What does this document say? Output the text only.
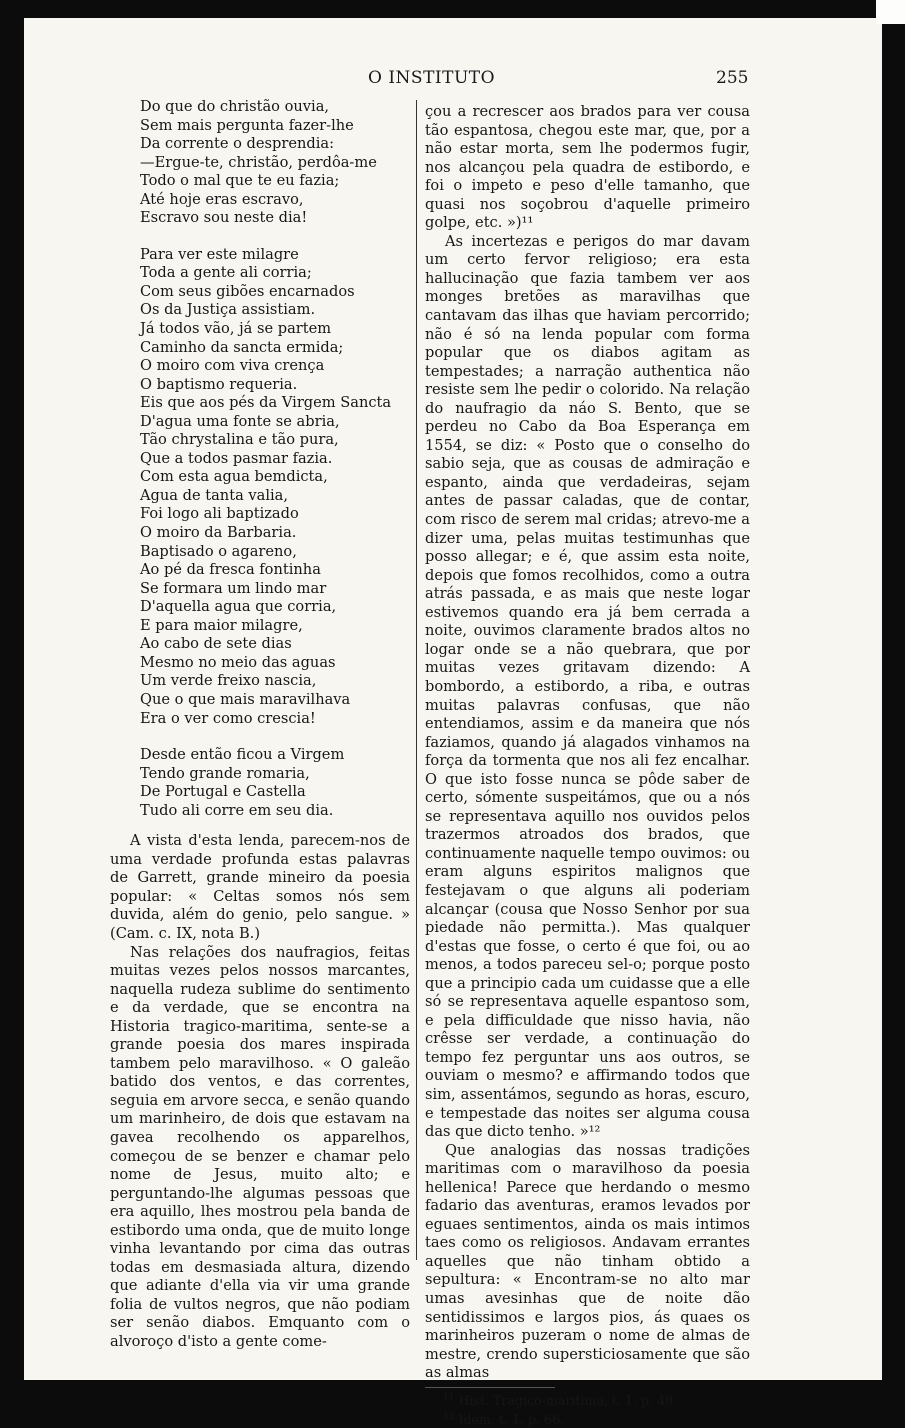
O INSTITUTO	255
Do que do christão ouvia,
Sem mais pergunta fazer-lhe
Da corrente o desprendia:
—Ergue-te, christão, perdôa-me
Todo o mal que te eu fazia;
Até hoje eras escravo,
Escravo sou neste dia!
Para ver este milagre
Toda a gente ali corria;
Com seus gibões encarnados
Os da Justiça assistiam.
Já todos vão, já se partem
Caminho da sancta ermida;
O moiro com viva crença
O baptismo requeria.
Eis que aos pés da Virgem Sancta
D'agua uma fonte se abria,
Tão chrystalina e tão pura,
Que a todos pasmar fazia.
Com esta agua bemdicta,
Agua de tanta valia,
Foi logo ali baptizado
O moiro da Barbaria.
Baptisado o agareno,
Ao pé da fresca fontinha
Se formara um lindo mar
D'aquella agua que corria,
E para maior milagre,
Ao cabo de sete dias
Mesmo no meio das aguas
Um verde freixo nascia,
Que o que mais maravilhava
Era o ver como crescia!
Desde então ficou a Virgem
Tendo grande romaria,
De Portugal e Castella
Tudo ali corre em seu dia.

A vista d'esta lenda, parecem-nos de uma verdade profunda estas palavras de Garrett, grande mineiro da poesia popular: « Celtas somos nós sem duvida, além do genio, pelo sangue. » (Cam. c. IX, nota B.)

Nas relações dos naufragios, feitas muitas vezes pelos nossos marcantes, naquella rudeza sublime do sentimento e da verdade, que se encontra na Historia tragico-maritima, sente-se a grande poesia dos mares inspirada tambem pelo maravilhoso. « O galeão batido dos ventos, e das correntes, seguia em arvore secca, e senão quando um marinheiro, de dois que estavam na gavea recolhendo os apparelhos, começou de se benzer e chamar pelo nome de Jesus, muito alto; e perguntando-lhe algumas pessoas que era aquillo, lhes mostrou pela banda de estibordo uma onda, que de muito longe vinha levantando por cima das outras todas em desmasiada altura, dizendo que adiante d'ella via vir uma grande folia de vultos negros, que não podiam ser senão diabos. Emquanto com o alvoroço d'isto a gente come-

çou a recrescer aos brados para ver cousa tão espantosa, chegou este mar, que, por a não estar morta, sem lhe podermos fugir, nos alcançou pela quadra de estibordo, e foi o impeto e peso d'elle tamanho, que quasi nos soçobrou d'aquelle primeiro golpe, etc. »)¹¹

As incertezas e perigos do mar davam um certo fervor religioso; era esta hallucinação que fazia tambem ver aos monges bretões as maravilhas que cantavam das ilhas que haviam percorrido; não é só na lenda popular com forma popular que os diabos agitam as tempestades; a narração authentica não resiste sem lhe pedir o colorido. Na relação do naufragio da náo S. Bento, que se perdeu no Cabo da Boa Esperança em 1554, se diz: « Posto que o conselho do sabio seja, que as cousas de admiração e espanto, ainda que verdadeiras, sejam antes de passar caladas, que de contar, com risco de serem mal cridas; atrevo-me a dizer uma, pelas muitas testimunhas que posso allegar; e é, que assim esta noite, depois que fomos recolhidos, como a outra atrás passada, e as mais que neste logar estivemos quando era já bem cerrada a noite, ouvimos claramente brados altos no logar onde se a não quebrara, que por muitas vezes gritavam dizendo: A bombordo, a estibordo, a riba, e outras muitas palavras confusas, que não entendiamos, assim e da maneira que nós faziamos, quando já alagados vinhamos na força da tormenta que nos ali fez encalhar. O que isto fosse nunca se pôde saber de certo, sómente suspeitámos, que ou a nós se representava aquillo nos ouvidos pelos trazermos atroados dos brados, que continuamente naquelle tempo ouvimos: ou eram alguns espiritos malignos que festejavam o que alguns ali poderiam alcançar (cousa que Nosso Senhor por sua piedade não permitta.). Mas qualquer d'estas que fosse, o certo é que foi, ou ao menos, a todos pareceu sel-o; porque posto que a principio cada um cuidasse que a elle só se representava aquelle espantoso som, e pela difficuldade que nisso havia, não crêsse ser verdade, a continuação do tempo fez perguntar uns aos outros, se ouviam o mesmo? e affirmando todos que sim, assentámos, segundo as horas, escuro, e tempestade das noites ser alguma cousa das que dicto tenho. »¹²

Que analogias das nossas tradições maritimas com o maravilhoso da poesia hellenica! Parece que herdando o mesmo fadario das aventuras, eramos levados por eguaes sentimentos, ainda os mais intimos taes como os religiosos. Andavam errantes aquelles que não tinham obtido a sepultura: « Encontram-se no alto mar umas avesinhas que de noite dão sentidissimos e largos pios, ás quaes os marinheiros puzeram o nome de almas de mestre, crendo supersticiosamente que são as almas

$^{11}$ Hist. Tragico-maritima, t. 1, p. 49.
$^{12}$ Idem, t. 1. p. 66.
